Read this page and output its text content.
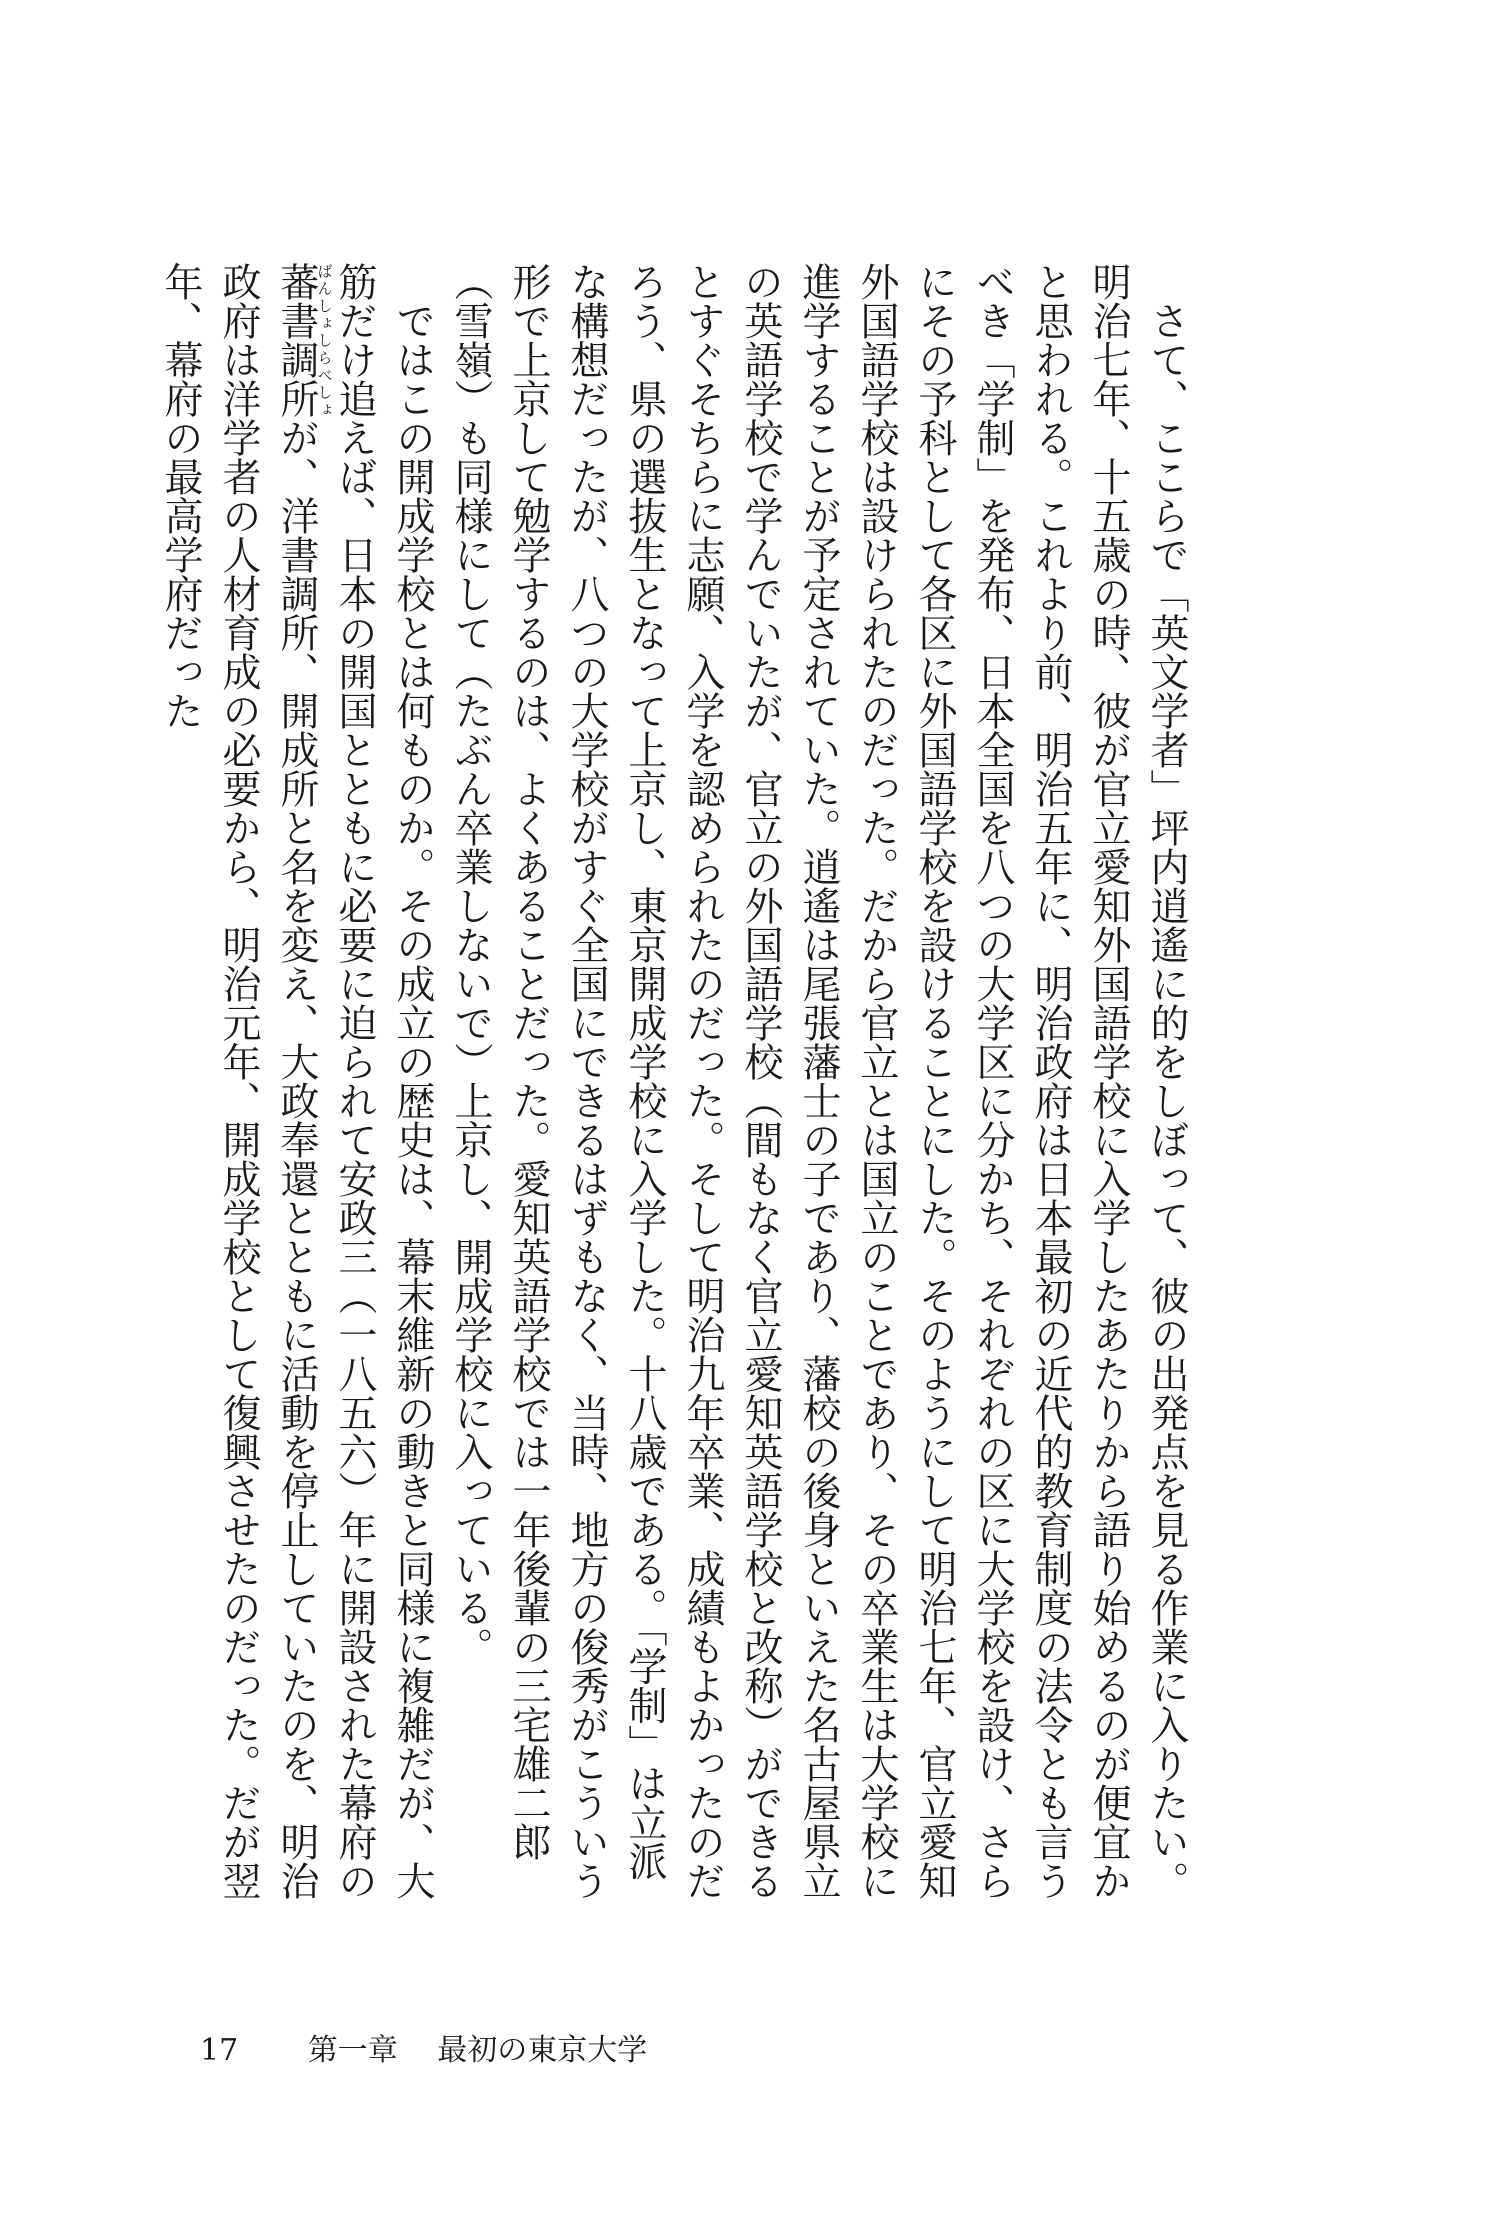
さて、ここらで「英文学者」坪内逍遙に的をしぼって、彼の出発点を見る作業に入りたい。明治七年、十五歳の時、彼が官立愛知外国語学校に入学したあたりから語り始めるのが便宜かと思われる。これより前、明治五年に、明治政府は日本最初の近代的教育制度の法令とも言うべき「学制」を発布、日本全国を八つの大学区に分かち、それぞれの区に大学校を設け、さらにその予科として各区に外国語学校を設けることにした。そのようにして明治七年、官立愛知外国語学校は設けられたのだった。だから官立とは国立のことであり、その卒業生は大学校に進学することが予定されていた。逍遙は尾張藩士の子であり、藩校の後身といえた名古屋県立の英語学校で学んでいたが、官立の外国語学校（間もなく官立愛知英語学校と改称）ができるとすぐそちらに志願、入学を認められたのだった。そして明治九年卒業、成績もよかったのだろう、県の選抜生となって上京し、東京開成学校に入学した。十八歳である。「学制」は立派な構想だったが、八つの大学校がすぐ全国にできるはずもなく、当時、地方の俊秀がこういう形で上京して勉学するのは、よくあることだった。愛知英語学校では一年後輩の三宅雄二郎（雪嶺）も同様にして（たぶん卒業しないで）上京し、開成学校に入っている。

ではこの開成学校とは何ものか。その成立の歴史は、幕末維新の動きと同様に複雑だが、大筋だけ追えば、日本の開国とともに必要に迫られて安政三（一八五六）年に開設された幕府の蕃書調所ばんしょしらべしょが、洋書調所、開成所と名を変え、大政奉還とともに活動を停止していたのを、明治政府は洋学者の人材育成の必要から、明治元年、開成学校として復興させたのだった。だが翌年、幕府の最高学府だった

17 第一章 最初の東京大学
